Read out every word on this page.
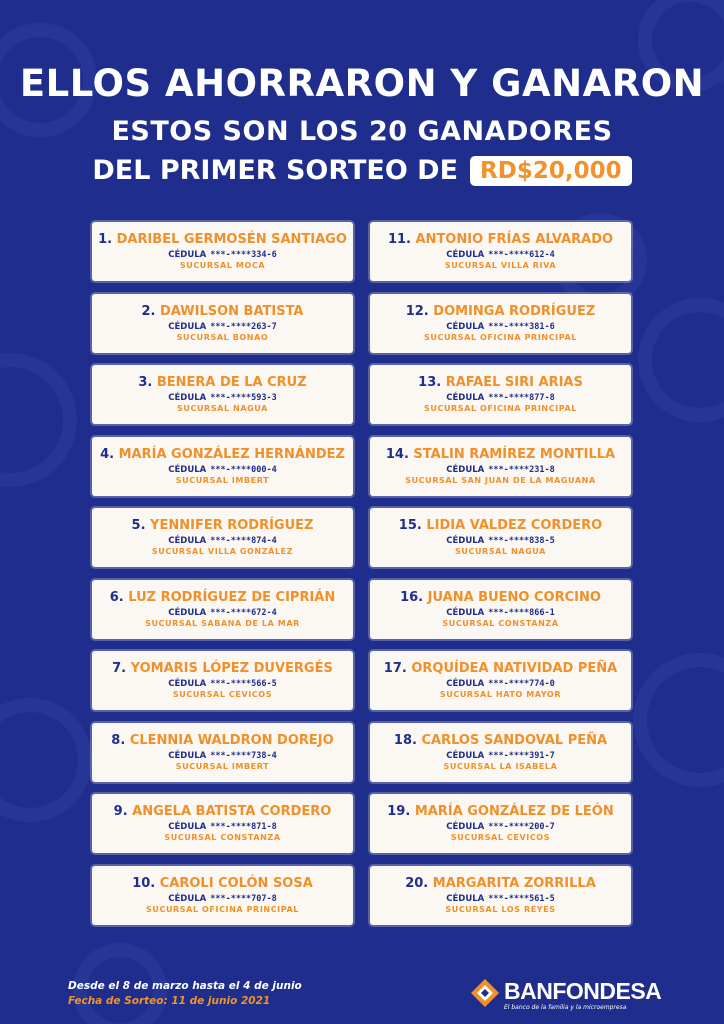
ELLOS AHORRARON Y GANARON
ESTOS SON LOS 20 GANADORES
DEL PRIMER SORTEO DE RD$20,000
1. DARIBEL GERMOSÉN SANTIAGO
CÉDULA ***-****334-6
SUCURSAL MOCA
2. DAWILSON BATISTA
CÉDULA ***-****263-7
SUCURSAL BONAO
3. BENERA DE LA CRUZ
CÉDULA ***-****593-3
SUCURSAL NAGUA
4. MARÍA GONZÁLEZ HERNÁNDEZ
CÉDULA ***-****000-4
SUCURSAL IMBERT
5. YENNIFER RODRÍGUEZ
CÉDULA ***-****874-4
SUCURSAL VILLA GONZÁLEZ
6. LUZ RODRÍGUEZ DE CIPRIÁN
CÉDULA ***-****672-4
SUCURSAL SABANA DE LA MAR
7. YOMARIS LÓPEZ DUVERGÉS
CÉDULA ***-****566-5
SUCURSAL CEVICOS
8. CLENNIA WALDRON DOREJO
CÉDULA ***-****738-4
SUCURSAL IMBERT
9. ANGELA BATISTA CORDERO
CÉDULA ***-****871-8
SUCURSAL CONSTANZA
10. CAROLI COLÓN SOSA
CÉDULA ***-****707-8
SUCURSAL OFICINA PRINCIPAL
11. ANTONIO FRÍAS ALVARADO
CÉDULA ***-****612-4
SUCURSAL VILLA RIVA
12. DOMINGA RODRÍGUEZ
CÉDULA ***-****381-6
SUCURSAL OFICINA PRINCIPAL
13. RAFAEL SIRI ARIAS
CÉDULA ***-****877-8
SUCURSAL OFICINA PRINCIPAL
14. STALIN RAMÍREZ MONTILLA
CÉDULA ***-****231-8
SUCURSAL SAN JUAN DE LA MAGUANA
15. LIDIA VALDEZ CORDERO
CÉDULA ***-****838-5
SUCURSAL NAGUA
16. JUANA BUENO CORCINO
CÉDULA ***-****866-1
SUCURSAL CONSTANZA
17. ORQUÍDEA NATIVIDAD PEÑA
CÉDULA ***-****774-0
SUCURSAL HATO MAYOR
18. CARLOS SANDOVAL PEÑA
CÉDULA ***-****391-7
SUCURSAL LA ISABELA
19. MARÍA GONZÁLEZ DE LEÓN
CÉDULA ***-****200-7
SUCURSAL CEVICOS
20. MARGARITA ZORRILLA
CÉDULA ***-****561-5
SUCURSAL LOS REYES
Desde el 8 de marzo hasta el 4 de junio
Fecha de Sorteo: 11 de junio 2021	BANFONDESA
El banco de la familia y la microempresa
